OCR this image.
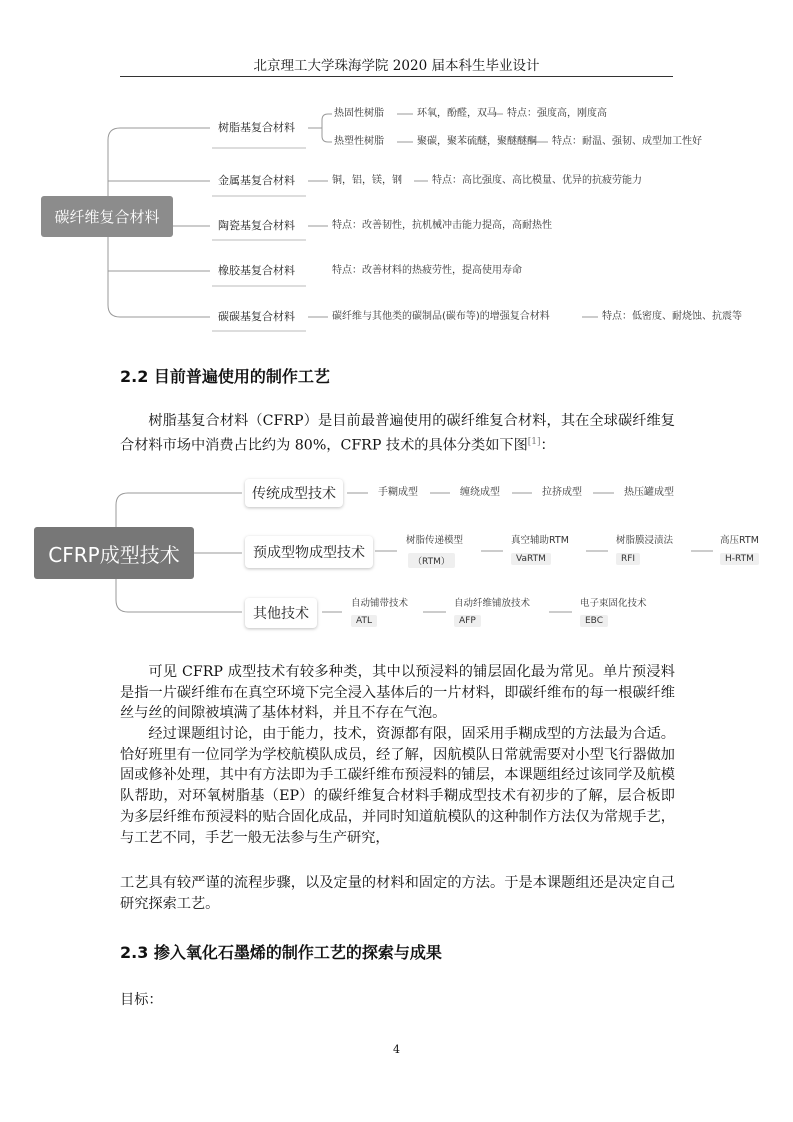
北京理工大学珠海学院 2020 届本科生毕业设计
碳纤维复合材料
树脂基复合材料
热固性树脂	环氧，酚醛，双马 特点：强度高，刚度高
热塑性树脂	聚碳，聚苯硫醚，聚醚醚酮 特点：耐温、强韧、成型加工性好
金属基复合材料	铜，铝，镁，钢	特点：高比强度、高比模量、优异的抗疲劳能力
陶瓷基复合材料	特点：改善韧性，抗机械冲击能力提高，高耐热性
橡胶基复合材料	特点：改善材料的热疲劳性，提高使用寿命
碳碳基复合材料	碳纤维与其他类的碳制品(碳布等)的增强复合材料	特点：低密度、耐烧蚀、抗震等
2.2 目前普遍使用的制作工艺
树脂基复合材料（CFRP）是目前最普遍使用的碳纤维复合材料，其在全球碳纤维复合材料市场中消费占比约为 80%，CFRP 技术的具体分类如下图[1]：
CFRP成型技术
传统成型技术	手糊成型	缠绕成型	拉挤成型	热压罐成型
预成型物成型技术
树脂传递模型
（RTM）
真空辅助RTM
VaRTM
树脂膜浸渍法
RFI
高压RTM
H-RTM
其他技术
自动铺带技术
ATL
自动纤维铺放技术
AFP
电子束固化技术
EBC
可见 CFRP 成型技术有较多种类，其中以预浸料的铺层固化最为常见。单片预浸料是指一片碳纤维布在真空环境下完全浸入基体后的一片材料，即碳纤维布的每一根碳纤维丝与丝的间隙被填满了基体材料，并且不存在气泡。
经过课题组讨论，由于能力，技术，资源都有限，固采用手糊成型的方法最为合适。恰好班里有一位同学为学校航模队成员，经了解，因航模队日常就需要对小型飞行器做加固或修补处理，其中有方法即为手工碳纤维布预浸料的铺层，本课题组经过该同学及航模队帮助，对环氧树脂基（EP）的碳纤维复合材料手糊成型技术有初步的了解，层合板即为多层纤维布预浸料的贴合固化成品，并同时知道航模队的这种制作方法仅为常规手艺，与工艺不同，手艺一般无法参与生产研究，
工艺具有较严谨的流程步骤，以及定量的材料和固定的方法。于是本课题组还是决定自己研究探索工艺。
2.3 掺入氧化石墨烯的制作工艺的探索与成果
目标：
4
